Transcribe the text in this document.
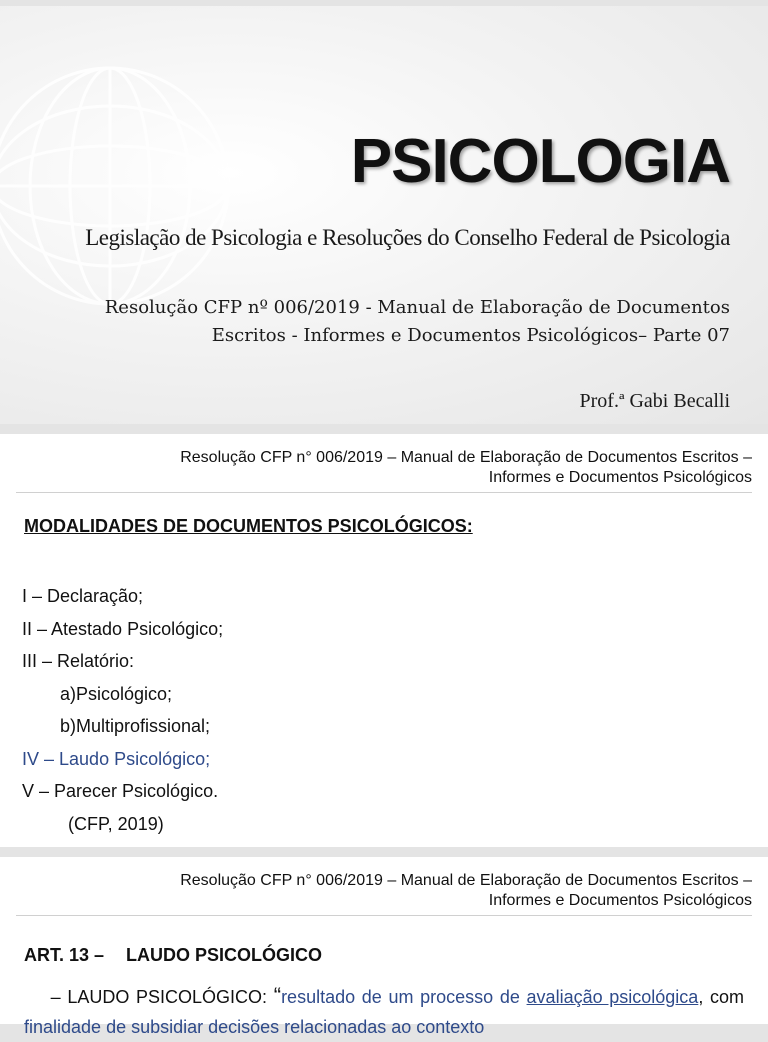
PSICOLOGIA
Legislação de Psicologia e Resoluções do Conselho Federal de Psicologia
Resolução CFP nº 006/2019 - Manual de Elaboração de Documentos Escritos - Informes e Documentos Psicológicos– Parte 07
Prof.ª Gabi Becalli
Resolução CFP n° 006/2019 – Manual de Elaboração de Documentos Escritos –
Informes e Documentos Psicológicos
MODALIDADES DE DOCUMENTOS PSICOLÓGICOS:
I – Declaração;
II – Atestado Psicológico;
III – Relatório:
a)Psicológico;
b)Multiprofissional;
IV – Laudo Psicológico;
V – Parecer Psicológico.
(CFP, 2019)
Resolução CFP n° 006/2019 – Manual de Elaboração de Documentos Escritos –
Informes e Documentos Psicológicos
ART. 13 – LAUDO PSICOLÓGICO
– LAUDO PSICOLÓGICO: “resultado de um processo de avaliação psicológica, com finalidade de subsidiar decisões relacionadas ao contexto
